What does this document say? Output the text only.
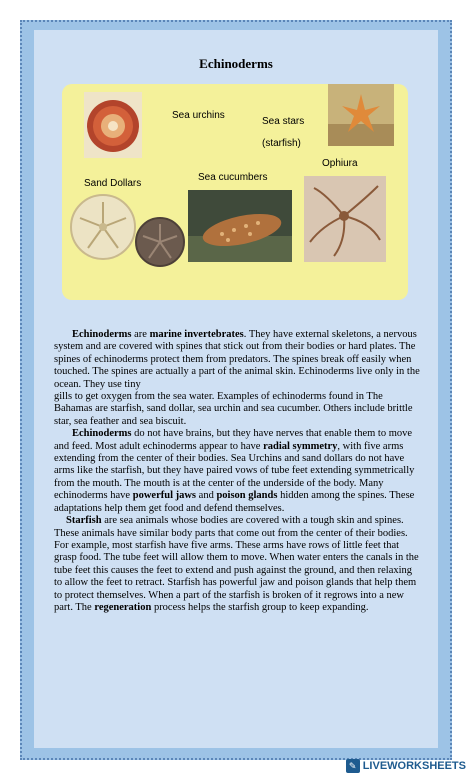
Echinoderms
Sea urchins
Sea stars
(starfish)
Ophiura
Sand Dollars
Sea cucumbers

Echinoderms are marine invertebrates. They have external skeletons, a nervous system and are covered with spines that stick out from their bodies or hard plates. The spines of echinoderms protect them from predators. The spines break off easily when touched. The spines are actually a part of the animal skin. Echinoderms live only in the ocean. They use tiny

gills to get oxygen from the sea water. Examples of echinoderms found in The Bahamas are starfish, sand dollar, sea urchin and sea cucumber. Others include brittle star, sea feather and sea biscuit.

Echinoderms do not have brains, but they have nerves that enable them to move and feed. Most adult echinoderms appear to have radial symmetry, with five arms extending from the center of their bodies. Sea Urchins and sand dollars do not have arms like the starfish, but they have paired vows of tube feet extending symmetrically from the mouth. The mouth is at the center of the underside of the body. Many echinoderms have powerful jaws and poison glands hidden among the spines. These adaptations help them get food and defend themselves.

Starfish are sea animals whose bodies are covered with a tough skin and spines. These animals have similar body parts that come out from the center of their bodies. For example, most starfish have five arms. These arms have rows of little feet that grasp food. The tube feet will allow them to move. When water enters the canals in the tube feet this causes the feet to extend and push against the ground, and then relaxing to allow the feet to retract. Starfish has powerful jaw and poison glands that help them to protect themselves. When a part of the starfish is broken of it regrows into a new part. The regeneration process helps the starfish group to keep expanding.

✎ LIVEWORKSHEETS
